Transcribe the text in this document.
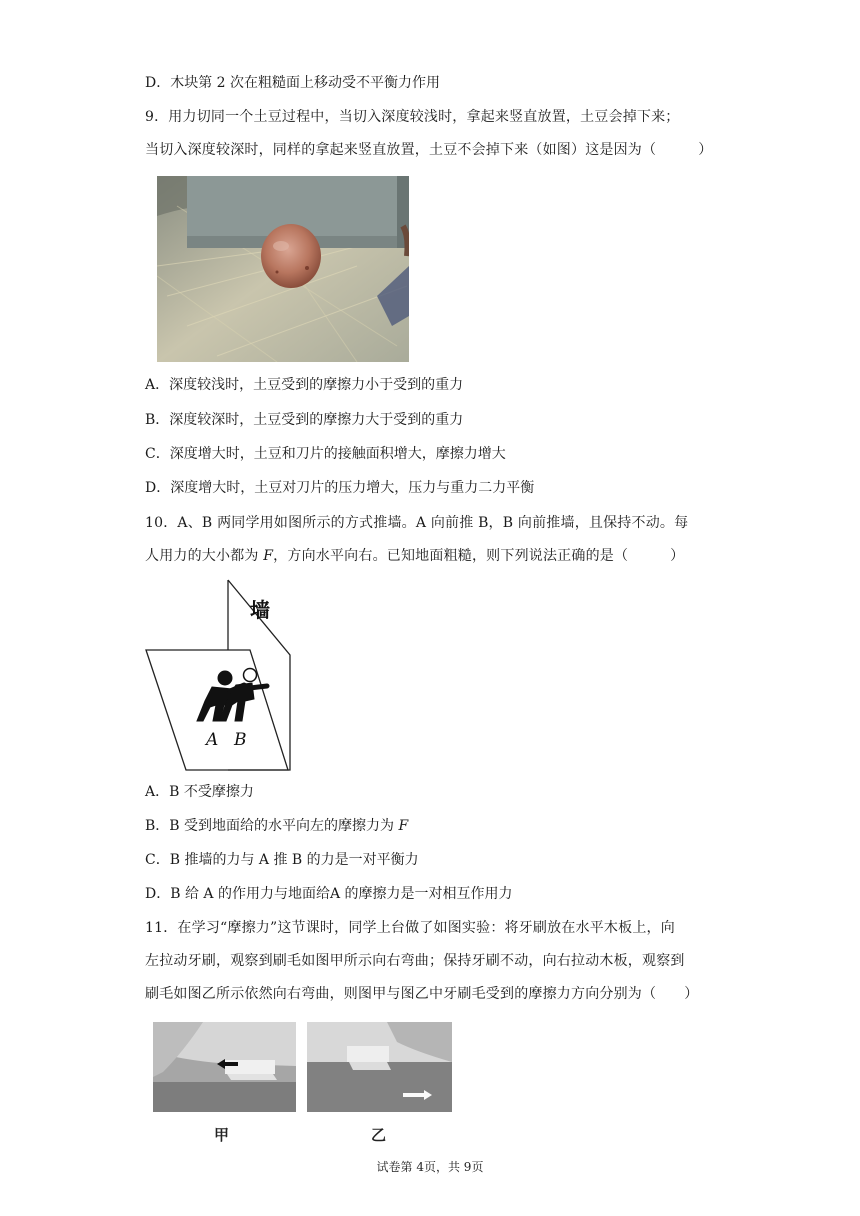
D．木块第 2 次在粗糙面上移动受不平衡力作用
9．用力切同一个土豆过程中，当切入深度较浅时，拿起来竖直放置，土豆会掉下来；
当切入深度较深时，同样的拿起来竖直放置，土豆不会掉下来（如图）这是因为（	）
A．深度较浅时，土豆受到的摩擦力小于受到的重力
B．深度较深时，土豆受到的摩擦力大于受到的重力
C．深度增大时，土豆和刀片的接触面积增大，摩擦力增大
D．深度增大时，土豆对刀片的压力增大，压力与重力二力平衡
10．A、B 两同学用如图所示的方式推墙。A 向前推 B，B 向前推墙，且保持不动。每
人用力的大小都为 F，方向水平向右。已知地面粗糙，则下列说法正确的是（	）
墙
A B
A．B 不受摩擦力
B．B 受到地面给的水平向左的摩擦力为 F
C．B 推墙的力与 A 推 B 的力是一对平衡力
D．B 给 A 的作用力与地面给A 的摩擦力是一对相互作用力
11．在学习“摩擦力”这节课时，同学上台做了如图实验：将牙刷放在水平木板上，向
左拉动牙刷，观察到刷毛如图甲所示向右弯曲；保持牙刷不动，向右拉动木板，观察到
刷毛如图乙所示依然向右弯曲，则图甲与图乙中牙刷毛受到的摩擦力方向分别为（ ）
甲	乙
试卷第 4页，共 9页
